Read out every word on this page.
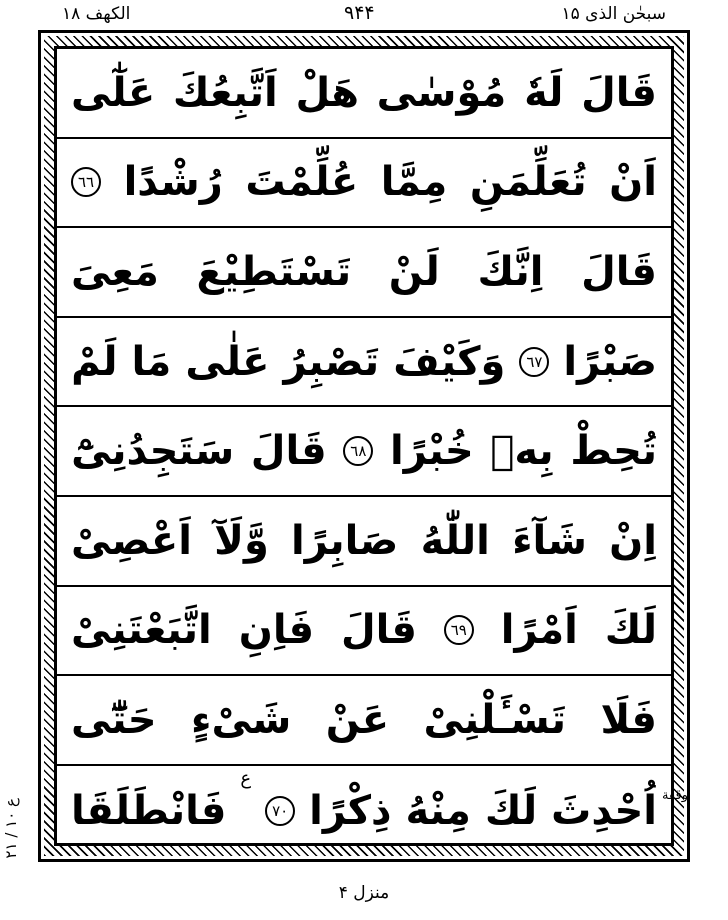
الکھف ۱۸	۹۴۴	سبحٰن الذی ۱۵
قَالَ
لَهٗ
مُوْسٰى
هَلْ
اَتَّبِعُكَ
عَلٰٓى
اَنْ
تُعَلِّمَنِ
مِمَّا
عُلِّمْتَ
رُشْدًا
٦٦
قَالَ
اِنَّكَ
لَنْ
تَسْتَطِيْعَ
مَعِىَ
صَبْرًا
٦٧
وَكَيْفَ
تَصْبِرُ
عَلٰى
مَا
لَمْ
تُحِطْ
بِهٖ
خُبْرًا
٦٨
قَالَ
سَتَجِدُنِىْٓ
اِنْ
شَآءَ
اللّٰهُ
صَابِرًا
وَّلَآ
اَعْصِىْ
لَكَ
اَمْرًا
٦٩
قَالَ
فَاِنِ
اتَّبَعْتَنِىْ
فَلَا
تَسْـَٔلْنِىْ
عَنْ
شَىْءٍ
حَتّٰٓى
اُحْدِثَ
لَكَ
مِنْهُ
ذِكْرًا
٧٠
ع
فَانْطَلَقَا	وقفة
ع ۱۰ / ۲۱
منزل ۴
